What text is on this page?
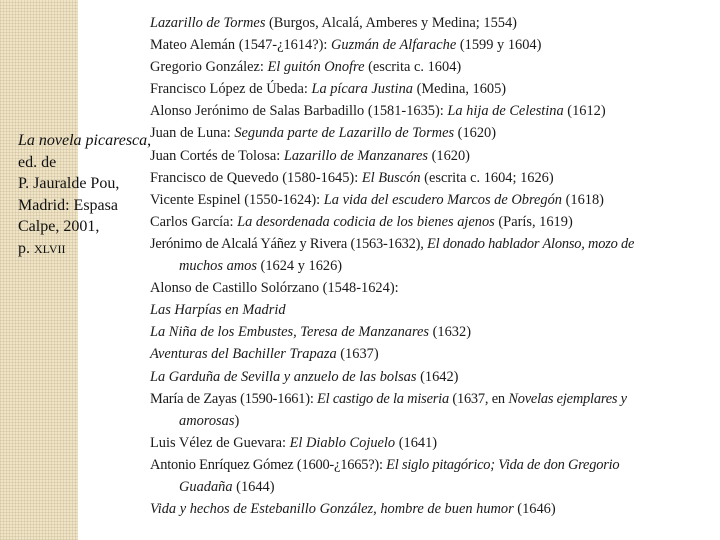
La novela picaresca, ed. de
P. Jauralde Pou,
Madrid: Espasa Calpe, 2001,
p. XLVII
Lazarillo de Tormes (Burgos, Alcalá, Amberes y Medina; 1554)
Mateo Alemán (1547-¿1614?): Guzmán de Alfarache (1599 y 1604)
Gregorio González: El guitón Onofre (escrita c. 1604)
Francisco López de Úbeda: La pícara Justina (Medina, 1605)
Alonso Jerónimo de Salas Barbadillo (1581-1635): La hija de Celestina (1612)
Juan de Luna: Segunda parte de Lazarillo de Tormes (1620)
Juan Cortés de Tolosa: Lazarillo de Manzanares (1620)
Francisco de Quevedo (1580-1645): El Buscón (escrita c. 1604; 1626)
Vicente Espinel (1550-1624): La vida del escudero Marcos de Obregón (1618)
Carlos García: La desordenada codicia de los bienes ajenos (París, 1619)
Jerónimo de Alcalá Yáñez y Rivera (1563-1632), El donado hablador Alonso, mozo de
muchos amos (1624 y 1626)
Alonso de Castillo Solórzano (1548-1624):
Las Harpías en Madrid
La Niña de los Embustes, Teresa de Manzanares (1632)
Aventuras del Bachiller Trapaza (1637)
La Garduña de Sevilla y anzuelo de las bolsas (1642)
María de Zayas (1590-1661): El castigo de la miseria (1637, en Novelas ejemplares y
amorosas)
Luis Vélez de Guevara: El Diablo Cojuelo (1641)
Antonio Enríquez Gómez (1600-¿1665?): El siglo pitagórico; Vida de don Gregorio
Guadaña (1644)
Vida y hechos de Estebanillo González, hombre de buen humor (1646)
